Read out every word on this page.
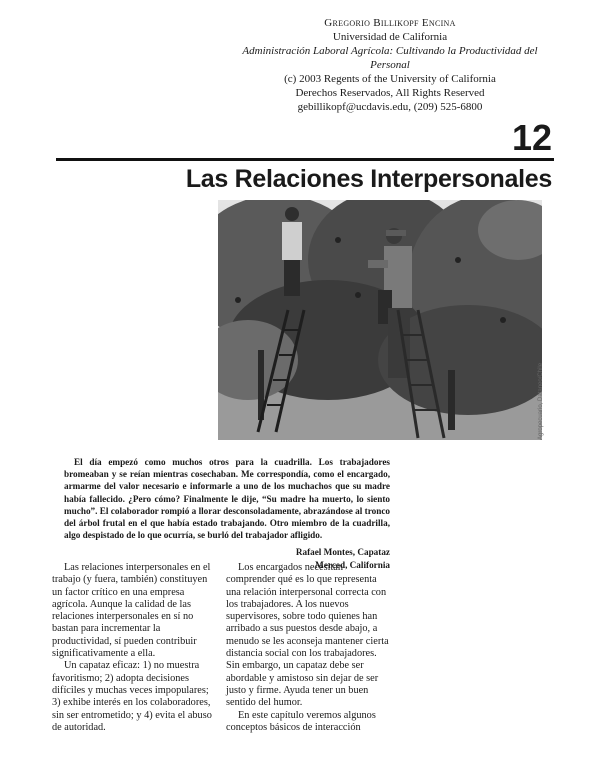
Gregorio Billikopf Encina
Universidad de California
Administración Laboral Agrícola: Cultivando la Productividad del Personal
(c) 2003 Regents of the University of California
Derechos Reservados, All Rights Reserved
gebillikopf@ucdavis.edu, (209) 525-6800
12
Las Relaciones Interpersonales
Agropecuario, Dataneo/Chile

El día empezó como muchos otros para la cuadrilla. Los trabajadores bromeaban y se reían mientras cosechaban. Me correspondía, como el encargado, armarme del valor necesario e informarle a uno de los muchachos que su madre había fallecido. ¿Pero cómo? Finalmente le dije, “Su madre ha muerto, lo siento mucho”. El colaborador rompió a llorar desconsoladamente, abrazándose al tronco del árbol frutal en el que había estado trabajando. Otro miembro de la cuadrilla, algo despistado de lo que ocurría, se burló del trabajador afligido.

Rafael Montes, Capataz

Merced, California

Las relaciones interpersonales en el trabajo (y fuera, también) constituyen un factor crítico en una empresa agrícola. Aunque la calidad de las relaciones interpersonales en sí no bastan para incrementar la productividad, sí pueden contribuir significativamente a ella.

Un capataz eficaz: 1) no muestra favoritismo; 2) adopta decisiones difíciles y muchas veces impopulares; 3) exhibe interés en los colaboradores, sin ser entrometido; y 4) evita el abuso de autoridad.

Los encargados necesitan comprender qué es lo que representa una relación interpersonal correcta con los trabajadores. A los nuevos supervisores, sobre todo quienes han arribado a sus puestos desde abajo, a menudo se les aconseja mantener cierta distancia social con los trabajadores. Sin embargo, un capataz debe ser abordable y amistoso sin dejar de ser justo y firme. Ayuda tener un buen sentido del humor.

En este capítulo veremos algunos conceptos básicos de interacción
